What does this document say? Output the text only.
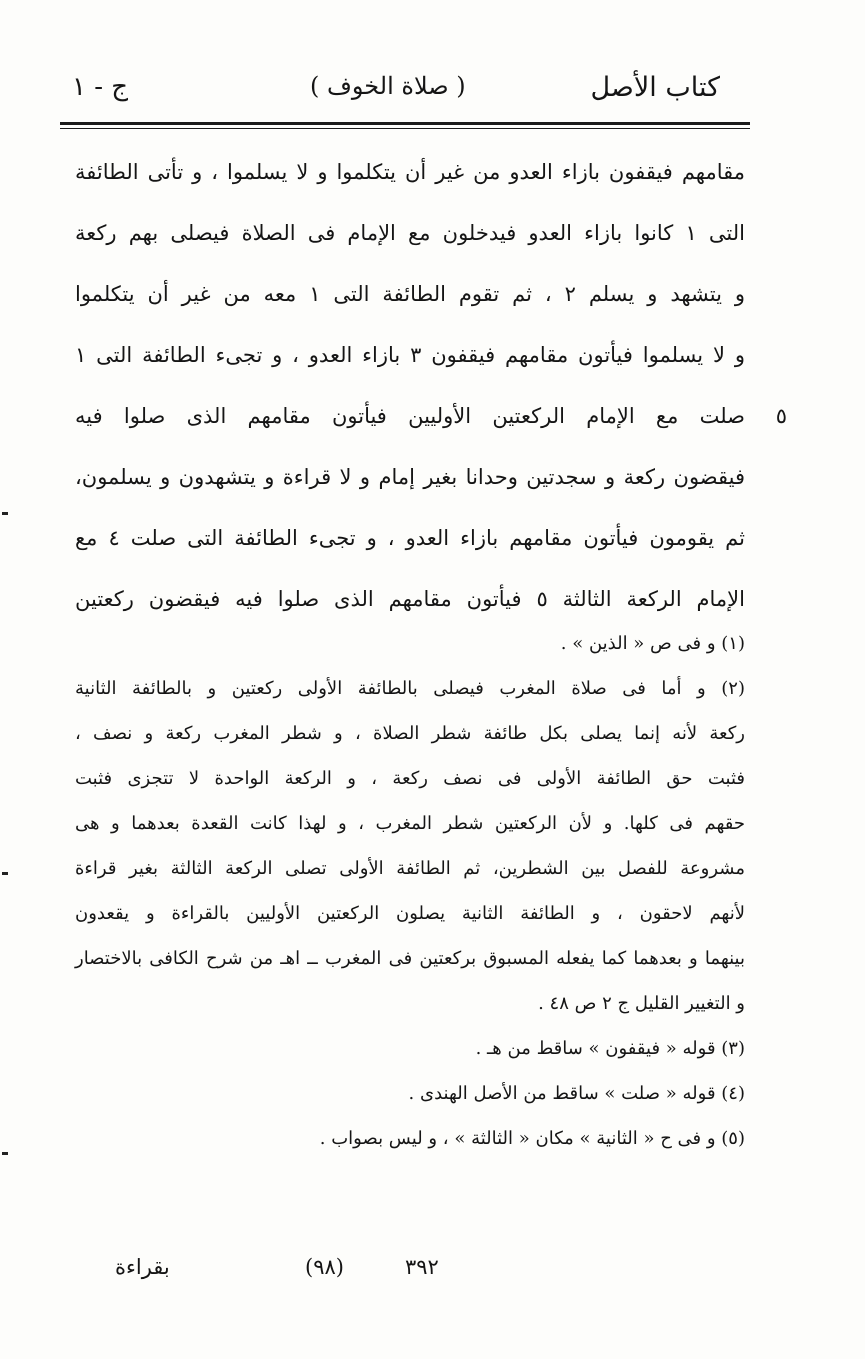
كتاب الأصل
( صلاة الخوف )
ج - ١
مقامهم فيقفون بازاء العدو من غير أن يتكلموا و لا يسلموا ، و تأتى الطائفة
التى ١ كانوا بازاء العدو فيدخلون مع الإمام فى الصلاة فيصلى بهم ركعة
و يتشهد و يسلم ٢ ، ثم تقوم الطائفة التى ١ معه من غير أن يتكلموا
و لا يسلموا فيأتون مقامهم فيقفون ٣ بازاء العدو ، و تجىء الطائفة التى ١
٥
صلت مع الإمام الركعتين الأوليين فيأتون مقامهم الذى صلوا فيه
فيقضون ركعة و سجدتين وحدانا بغير إمام و لا قراءة و يتشهدون و يسلمون،
ثم يقومون فيأتون مقامهم بازاء العدو ، و تجىء الطائفة التى صلت ٤ مع
الإمام الركعة الثالثة ٥ فيأتون مقامهم الذى صلوا فيه فيقضون ركعتين
(١) و فى ص « الذين » .
(٢) و أما فى صلاة المغرب فيصلى بالطائفة الأولى ركعتين و بالطائفة الثانية
ركعة لأنه إنما يصلى بكل طائفة شطر الصلاة ، و شطر المغرب ركعة و نصف ،
فثبت حق الطائفة الأولى فى نصف ركعة ، و الركعة الواحدة لا تتجزى فثبت
حقهم فى كلها. و لأن الركعتين شطر المغرب ، و لهذا كانت القعدة بعدهما و هى
مشروعة للفصل بين الشطرين، ثم الطائفة الأولى تصلى الركعة الثالثة بغير قراءة
لأنهم لاحقون ، و الطائفة الثانية يصلون الركعتين الأوليين بالقراءة و يقعدون
بينهما و بعدهما كما يفعله المسبوق بركعتين فى المغرب ــ اهـ من شرح الكافى بالاختصار
و التغيير القليل ج ٢ ص ٤٨ .
(٣) قوله « فيقفون » ساقط من هـ .
(٤) قوله « صلت » ساقط من الأصل الهندى .
(٥) و فى ح « الثانية » مكان « الثالثة » ، و ليس بصواب .
بقراءة	(٩٨)	٣٩٢
